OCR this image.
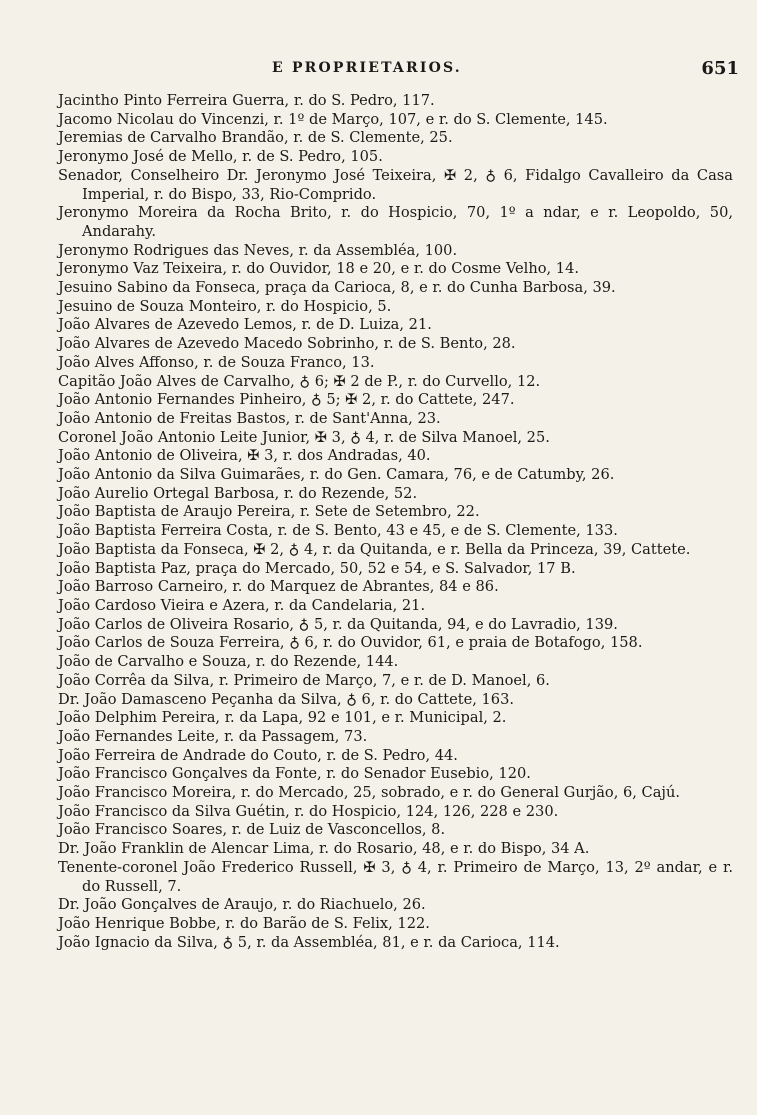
E PROPRIETARIOS.	651
Jacintho Pinto Ferreira Guerra, r. do S. Pedro, 117.
Jacomo Nicolau do Vincenzi, r. 1º de Março, 107, e r. do S. Clemente, 145.
Jeremias de Carvalho Brandão, r. de S. Clemente, 25.
Jeronymo José de Mello, r. de S. Pedro, 105.
Senador, Conselheiro Dr. Jeronymo José Teixeira, ✠ 2, ♁ 6, Fidalgo Cavalleiro da Casa Imperial, r. do Bispo, 33, Rio-Comprido.
Jeronymo Moreira da Rocha Brito, r. do Hospicio, 70, 1º a ndar, e r. Leopoldo, 50, Andarahy.
Jeronymo Rodrigues das Neves, r. da Assembléa, 100.
Jeronymo Vaz Teixeira, r. do Ouvidor, 18 e 20, e r. do Cosme Velho, 14.
Jesuino Sabino da Fonseca, praça da Carioca, 8, e r. do Cunha Barbosa, 39.
Jesuino de Souza Monteiro, r. do Hospicio, 5.
João Alvares de Azevedo Lemos, r. de D. Luiza, 21.
João Alvares de Azevedo Macedo Sobrinho, r. de S. Bento, 28.
João Alves Affonso, r. de Souza Franco, 13.
Capitão João Alves de Carvalho, ♁ 6; ✠ 2 de P., r. do Curvello, 12.
João Antonio Fernandes Pinheiro, ♁ 5; ✠ 2, r. do Cattete, 247.
João Antonio de Freitas Bastos, r. de Sant'Anna, 23.
Coronel João Antonio Leite Junior, ✠ 3, ♁ 4, r. de Silva Manoel, 25.
João Antonio de Oliveira, ✠ 3, r. dos Andradas, 40.
João Antonio da Silva Guimarães, r. do Gen. Camara, 76, e de Catumby, 26.
João Aurelio Ortegal Barbosa, r. do Rezende, 52.
João Baptista de Araujo Pereira, r. Sete de Setembro, 22.
João Baptista Ferreira Costa, r. de S. Bento, 43 e 45, e de S. Clemente, 133.
João Baptista da Fonseca, ✠ 2, ♁ 4, r. da Quitanda, e r. Bella da Princeza, 39, Cattete.
João Baptista Paz, praça do Mercado, 50, 52 e 54, e S. Salvador, 17 B.
João Barroso Carneiro, r. do Marquez de Abrantes, 84 e 86.
João Cardoso Vieira e Azera, r. da Candelaria, 21.
João Carlos de Oliveira Rosario, ♁ 5, r. da Quitanda, 94, e do Lavradio, 139.
João Carlos de Souza Ferreira, ♁ 6, r. do Ouvidor, 61, e praia de Botafogo, 158.
João de Carvalho e Souza, r. do Rezende, 144.
João Corrêa da Silva, r. Primeiro de Março, 7, e r. de D. Manoel, 6.
Dr. João Damasceno Peçanha da Silva, ♁ 6, r. do Cattete, 163.
João Delphim Pereira, r. da Lapa, 92 e 101, e r. Municipal, 2.
João Fernandes Leite, r. da Passagem, 73.
João Ferreira de Andrade do Couto, r. de S. Pedro, 44.
João Francisco Gonçalves da Fonte, r. do Senador Eusebio, 120.
João Francisco Moreira, r. do Mercado, 25, sobrado, e r. do General Gurjão, 6, Cajú.
João Francisco da Silva Guétin, r. do Hospicio, 124, 126, 228 e 230.
João Francisco Soares, r. de Luiz de Vasconcellos, 8.
Dr. João Franklin de Alencar Lima, r. do Rosario, 48, e r. do Bispo, 34 A.
Tenente-coronel João Frederico Russell, ✠ 3, ♁ 4, r. Primeiro de Março, 13, 2º andar, e r. do Russell, 7.
Dr. João Gonçalves de Araujo, r. do Riachuelo, 26.
João Henrique Bobbe, r. do Barão de S. Felix, 122.
João Ignacio da Silva, ♁ 5, r. da Assembléa, 81, e r. da Carioca, 114.
